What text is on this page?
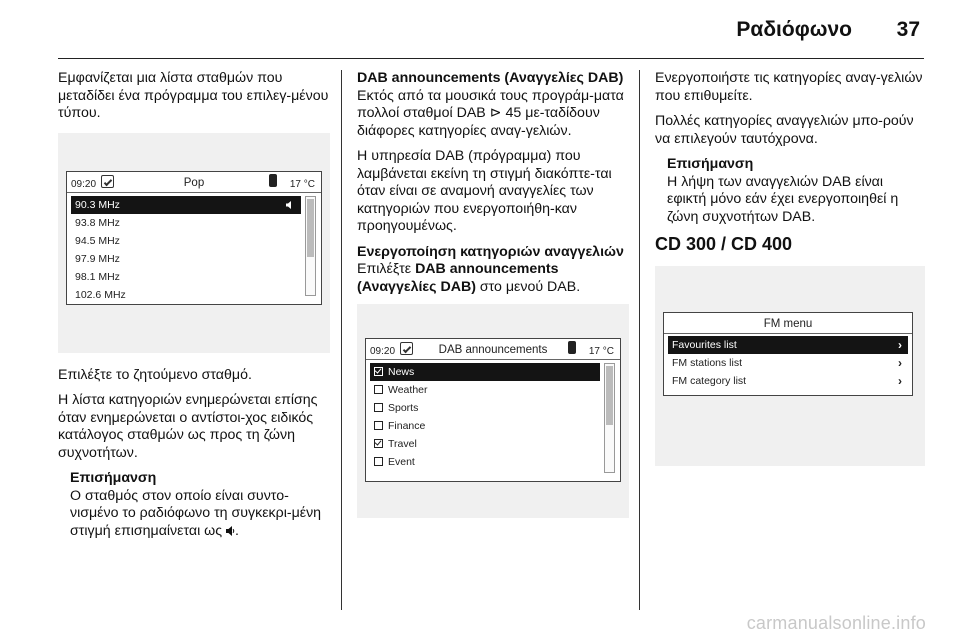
Ραδιόφωνο 37

Εμφανίζεται μια λίστα σταθμών που μεταδίδει ένα πρόγραμμα του επιλεγ-μένου τύπου.

09:20	Pop	17 °C
90.3 MHz
93.8 MHz
94.5 MHz
97.9 MHz
98.1 MHz
102.6 MHz

Επιλέξτε το ζητούμενο σταθμό.

Η λίστα κατηγοριών ενημερώνεται επίσης όταν ενημερώνεται ο αντίστοι-χος ειδικός κατάλογος σταθμών ως προς τη ζώνη συχνοτήτων.

Επισήμανση
Ο σταθμός στον οποίο είναι συντο-νισμένο το ραδιόφωνο τη συγκεκρι-μένη στιγμή επισημαίνεται ως .

DAB announcements (Αναγγελίες DAB)

Εκτός από τα μουσικά τους προγράμ-ματα πολλοί σταθμοί DAB ⊳ 45 με-ταδίδουν διάφορες κατηγορίες αναγ-γελιών.

Η υπηρεσία DAB (πρόγραμμα) που λαμβάνεται εκείνη τη στιγμή διακόπτε-ται όταν είναι σε αναμονή αναγγελίες των κατηγοριών που ενεργοποιήθη-καν προηγουμένως.

Ενεργοποίηση κατηγοριών αναγγελιών

Επιλέξτε DAB announcements (Αναγγελίες DAB) στο μενού DAB.

09:20	DAB announcements	17 °C
News
Weather
Sports
Finance
Travel
Event

Ενεργοποιήστε τις κατηγορίες αναγ-γελιών που επιθυμείτε.

Πολλές κατηγορίες αναγγελιών μπο-ρούν να επιλεγούν ταυτόχρονα.

Επισήμανση
Η λήψη των αναγγελιών DAB είναι εφικτή μόνο εάν έχει ενεργοποιηθεί η ζώνη συχνοτήτων DAB.
CD 300 / CD 400
FM menu
Favourites list	›
FM stations list	›
FM category list	›
carmanualsonline.info
